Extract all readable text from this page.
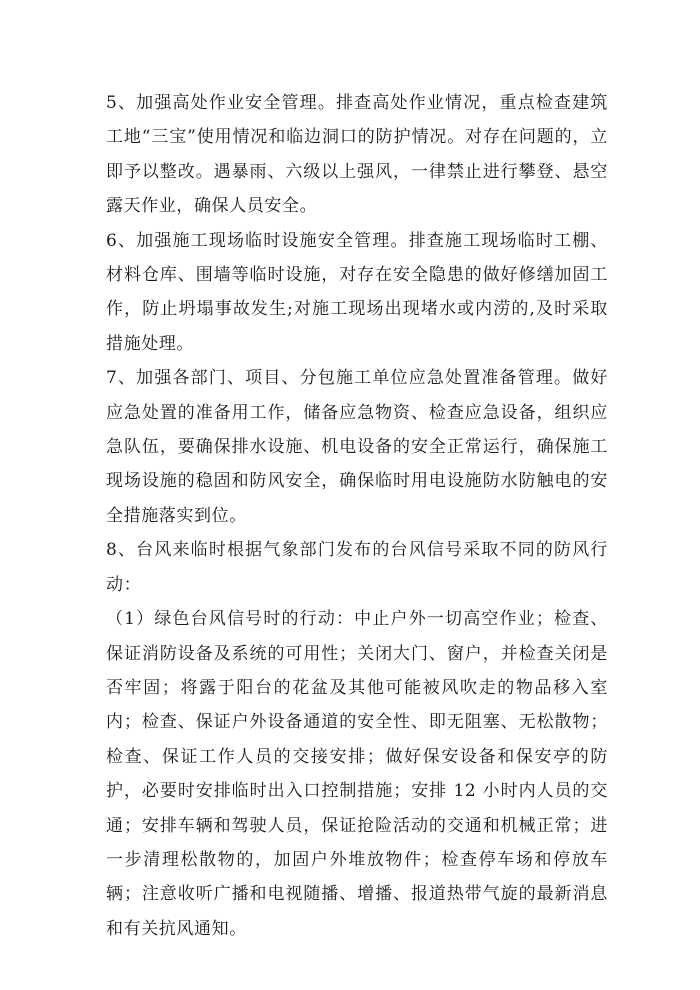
5、加强高处作业安全管理。排查高处作业情况，重点检查建筑工地“三宝”使用情况和临边洞口的防护情况。对存在问题的，立即予以整改。遇暴雨、六级以上强风，一律禁止进行攀登、悬空露天作业，确保人员安全。

6、加强施工现场临时设施安全管理。排查施工现场临时工棚、材料仓库、围墙等临时设施，对存在安全隐患的做好修缮加固工作，防止坍塌事故发生;对施工现场出现堵水或内涝的,及时采取措施处理。

7、加强各部门、项目、分包施工单位应急处置准备管理。做好应急处置的准备用工作，储备应急物资、检查应急设备，组织应急队伍，要确保排水设施、机电设备的安全正常运行，确保施工现场设施的稳固和防风安全，确保临时用电设施防水防触电的安全措施落实到位。

8、台风来临时根据气象部门发布的台风信号采取不同的防风行动：

（1）绿色台风信号时的行动：中止户外一切高空作业；检查、保证消防设备及系统的可用性；关闭大门、窗户，并检查关闭是否牢固；将露于阳台的花盆及其他可能被风吹走的物品移入室内；检查、保证户外设备通道的安全性、即无阻塞、无松散物；检查、保证工作人员的交接安排；做好保安设备和保安亭的防护，必要时安排临时出入口控制措施；安排 12 小时内人员的交通；安排车辆和驾驶人员，保证抢险活动的交通和机械正常；进一步清理松散物的，加固户外堆放物件；检查停车场和停放车辆；注意收听广播和电视随播、增播、报道热带气旋的最新消息和有关抗风通知。
